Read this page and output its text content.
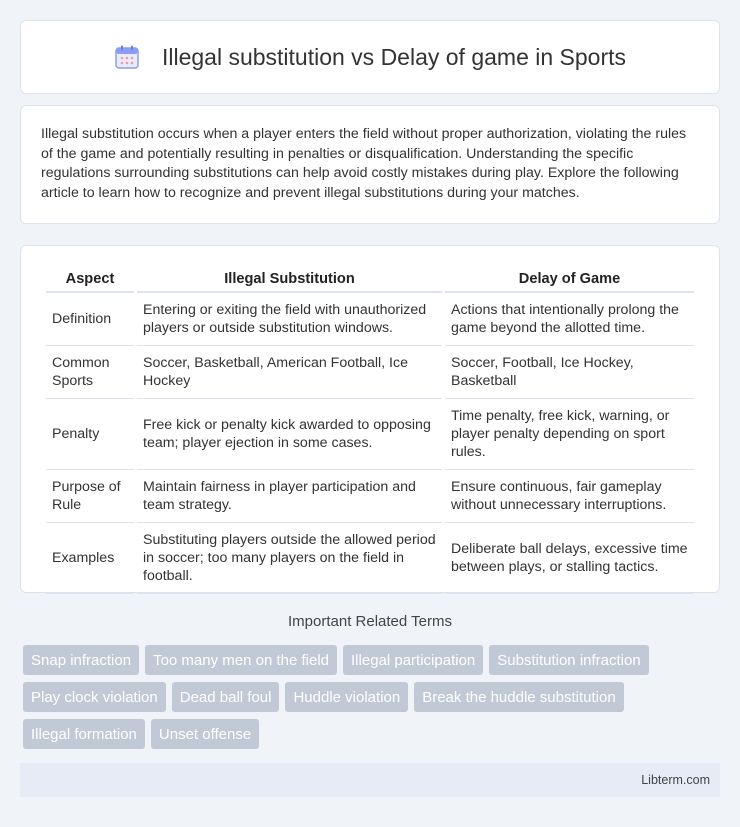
Illegal substitution vs Delay of game in Sports

Illegal substitution occurs when a player enters the field without proper authorization, violating the rules of the game and potentially resulting in penalties or disqualification. Understanding the specific regulations surrounding substitutions can help avoid costly mistakes during play. Explore the following article to learn how to recognize and prevent illegal substitutions during your matches.

Aspect	Illegal Substitution	Delay of Game
Definition	Entering or exiting the field with unauthorized players or outside substitution windows.	Actions that intentionally prolong the game beyond the allotted time.
Common Sports	Soccer, Basketball, American Football, Ice Hockey	Soccer, Football, Ice Hockey, Basketball
Penalty	Free kick or penalty kick awarded to opposing team; player ejection in some cases.	Time penalty, free kick, warning, or player penalty depending on sport rules.
Purpose of Rule	Maintain fairness in player participation and team strategy.	Ensure continuous, fair gameplay without unnecessary interruptions.
Examples	Substituting players outside the allowed period in soccer; too many players on the field in football.	Deliberate ball delays, excessive time between plays, or stalling tactics.
Important Related Terms
Snap infraction	Too many men on the field	Illegal participation	Substitution infraction
Play clock violation	Dead ball foul	Huddle violation	Break the huddle substitution
Illegal formation	Unset offense
Libterm.com
